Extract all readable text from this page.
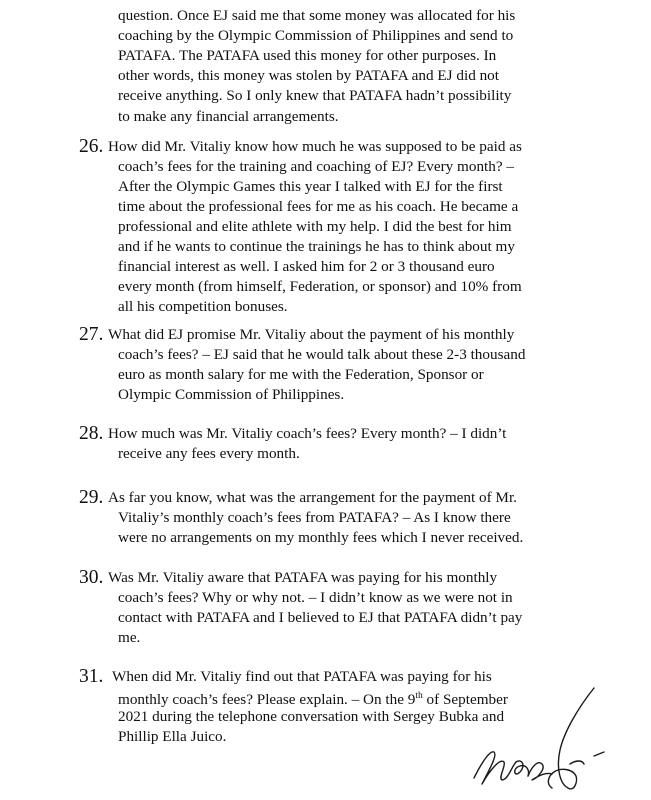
question. Once EJ said me that some money was allocated for his
coaching by the Olympic Commission of Philippines and send to
PATAFA. The PATAFA used this money for other purposes. In
other words, this money was stolen by PATAFA and EJ did not
receive anything. So I only knew that PATAFA hadn’t possibility
to make any financial arrangements.
26. How did Mr. Vitaliy know how much he was supposed to be paid as
coach’s fees for the training and coaching of EJ? Every month? –
After the Olympic Games this year I talked with EJ for the first
time about the professional fees for me as his coach. He became a
professional and elite athlete with my help. I did the best for him
and if he wants to continue the trainings he has to think about my
financial interest as well. I asked him for 2 or 3 thousand euro
every month (from himself, Federation, or sponsor) and 10% from
all his competition bonuses.
27. What did EJ promise Mr. Vitaliy about the payment of his monthly
coach’s fees? – EJ said that he would talk about these 2-3 thousand
euro as month salary for me with the Federation, Sponsor or
Olympic Commission of Philippines.
28. How much was Mr. Vitaliy coach’s fees? Every month? – I didn’t
receive any fees every month.
29. As far you know, what was the arrangement for the payment of Mr.
Vitaliy’s monthly coach’s fees from PATAFA? – As I know there
were no arrangements on my monthly fees which I never received.
30. Was Mr. Vitaliy aware that PATAFA was paying for his monthly
coach’s fees? Why or why not. – I didn’t know as we were not in
contact with PATAFA and I believed to EJ that PATAFA didn’t pay
me.
31. When did Mr. Vitaliy find out that PATAFA was paying for his
monthly coach’s fees? Please explain. – On the 9th of September
2021 during the telephone conversation with Sergey Bubka and
Phillip Ella Juico.
